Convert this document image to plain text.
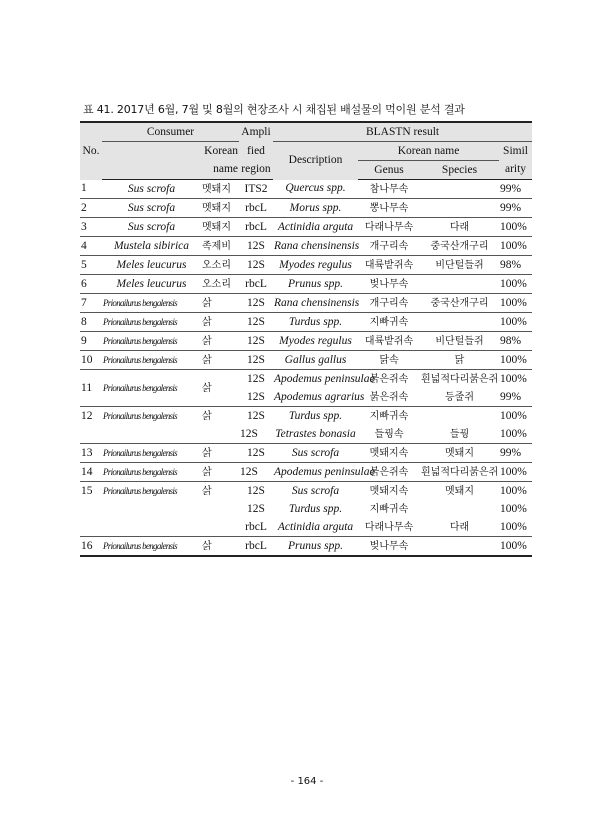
표 41. 2017년 6월, 7월 및 8월의 현장조사 시 채집된 배설물의 먹이원 분석 결과
No.	Consumer		Ampli	BLASTN result			
		Korean	fied	Description	Korean name		Simil
		name	region		Genus	Species	arity
1	Sus scrofa	멧돼지	ITS2	Quercus spp.	참나무속		99%
2	Sus scrofa	멧돼지	rbcL	Morus spp.	뽕나무속		99%
3	Sus scrofa	멧돼지	rbcL	Actinidia arguta	다래나무속	다래	100%
4	Mustela sibirica	족제비	12S	Rana chensinensis	개구리속	중국산개구리	100%
5	Meles leucurus	오소리	12S	Myodes regulus	대륙밭쥐속	비단털들쥐	98%
6	Meles leucurus	오소리	rbcL	Prunus spp.	벚나무속		100%
7	Prionailurus bengalensis	삵	12S	Rana chensinensis	개구리속	중국산개구리	100%
8	Prionailurus bengalensis	삵	12S	Turdus spp.	지빠귀속		100%
9	Prionailurus bengalensis	삵	12S	Myodes regulus	대륙밭쥐속	비단털들쥐	98%
10	Prionailurus bengalensis	삵	12S	Gallus gallus	닭속	닭	100%
11	Prionailurus bengalensis	삵	12S	Apodemus peninsulae	붉은쥐속	흰넓적다리붉은쥐	100%
			12S	Apodemus agrarius	붉은쥐속	등줄쥐	99%
12	Prionailurus bengalensis	삵	12S	Turdus spp.	지빠귀속		100%
			12S	Tetrastes bonasia	들꿩속	들꿩	100%
13	Prionailurus bengalensis	삵	12S	Sus scrofa	멧돼지속	멧돼지	99%
14	Prionailurus bengalensis	삵	12S	Apodemus peninsulae	붉은쥐속	흰넓적다리붉은쥐	100%
15	Prionailurus bengalensis	삵	12S	Sus scrofa	멧돼지속	멧돼지	100%
			12S	Turdus spp.	지빠귀속		100%
			rbcL	Actinidia arguta	다래나무속	다래	100%
16	Prionailurus bengalensis	삵	rbcL	Prunus spp.	벚나무속		100%
- 164 -
